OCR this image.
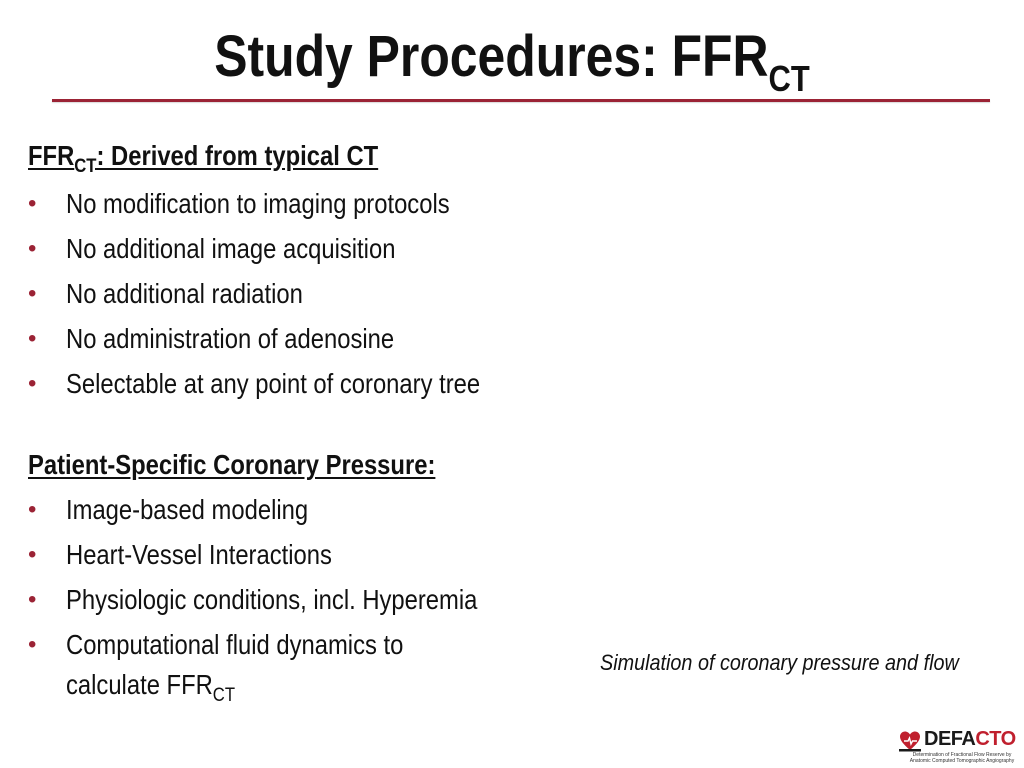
Study Procedures: $FFR_{CT}$
$FFR_{CT}$: Derived from typical CT
• No modification to imaging protocols
• No additional image acquisition
• No additional radiation
• No administration of adenosine
• Selectable at any point of coronary tree
Patient-Specific Coronary Pressure:
• Image-based modeling
• Heart-Vessel Interactions
• Physiologic conditions, incl. Hyperemia
• Computational fluid dynamics to
calculate $FFR_{CT}$
Simulation of coronary pressure and flow
DEFACTO
Determination of Fractional Flow Reserve by Anatomic Computed Tomographic Angiography
